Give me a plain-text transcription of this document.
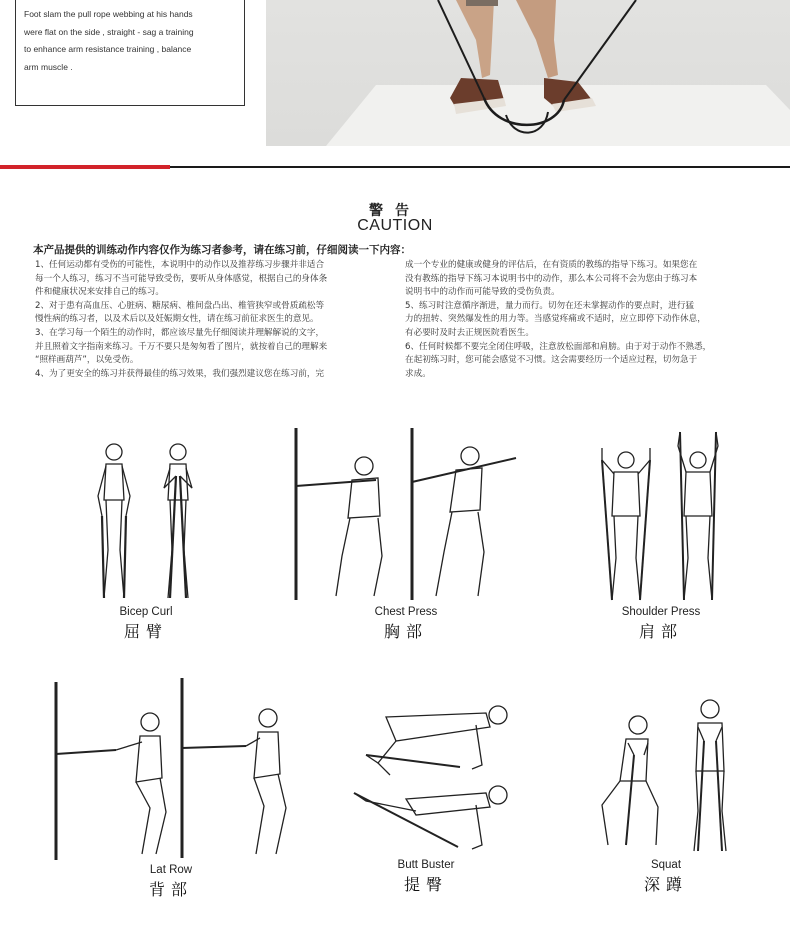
Foot slam the pull rope webbing at his hands

were flat on the side , straight - sag a training

to enhance arm resistance training , balance

arm muscle .

警告
CAUTION
本产品提供的训练动作内容仅作为练习者参考，请在练习前，仔细阅读一下内容：

1、任何运动都有受伤的可能性，本说明中的动作以及推荐练习步骤并非适合

每一个人练习，练习不当可能导致受伤，要听从身体感觉，根据自己的身体条

件和健康状况来安排自己的练习。

2、对于患有高血压、心脏病、糖尿病、椎间盘凸出、椎管狭窄或骨质疏松等

慢性病的练习者，以及术后以及妊娠期女性，请在练习前征求医生的意见。

3、在学习每一个陌生的动作时，都应该尽量先仔细阅读并理解解说的文字，

并且照着文字指南来练习。千万不要只是匆匆看了图片，就按着自己的理解来

“照样画葫芦”，以免受伤。

4、为了更安全的练习并获得最佳的练习效果，我们强烈建议您在练习前，完

成一个专业的健康或健身的评估后，在有资质的教练的指导下练习。如果您在

没有教练的指导下练习本说明书中的动作，那么本公司将不会为您由于练习本

说明书中的动作而可能导致的受伤负责。

5、练习时注意循序渐进，量力而行。切勿在还未掌握动作的要点时，进行猛

力的扭转、突然爆发性的用力等。当感觉疼痛或不适时，应立即停下动作休息，

有必要时及时去正规医院看医生。

6、任何时候都不要完全闭住呼吸，注意放松面部和肩膀。由于对于动作不熟悉，

在起初练习时，您可能会感觉不习惯。这会需要经历一个适应过程，切勿急于

求成。

Bicep Curl
屈臂
Chest Press
胸部
Shoulder Press
肩部
Lat Row
背部
Butt Buster
提臀
Squat
深蹲
